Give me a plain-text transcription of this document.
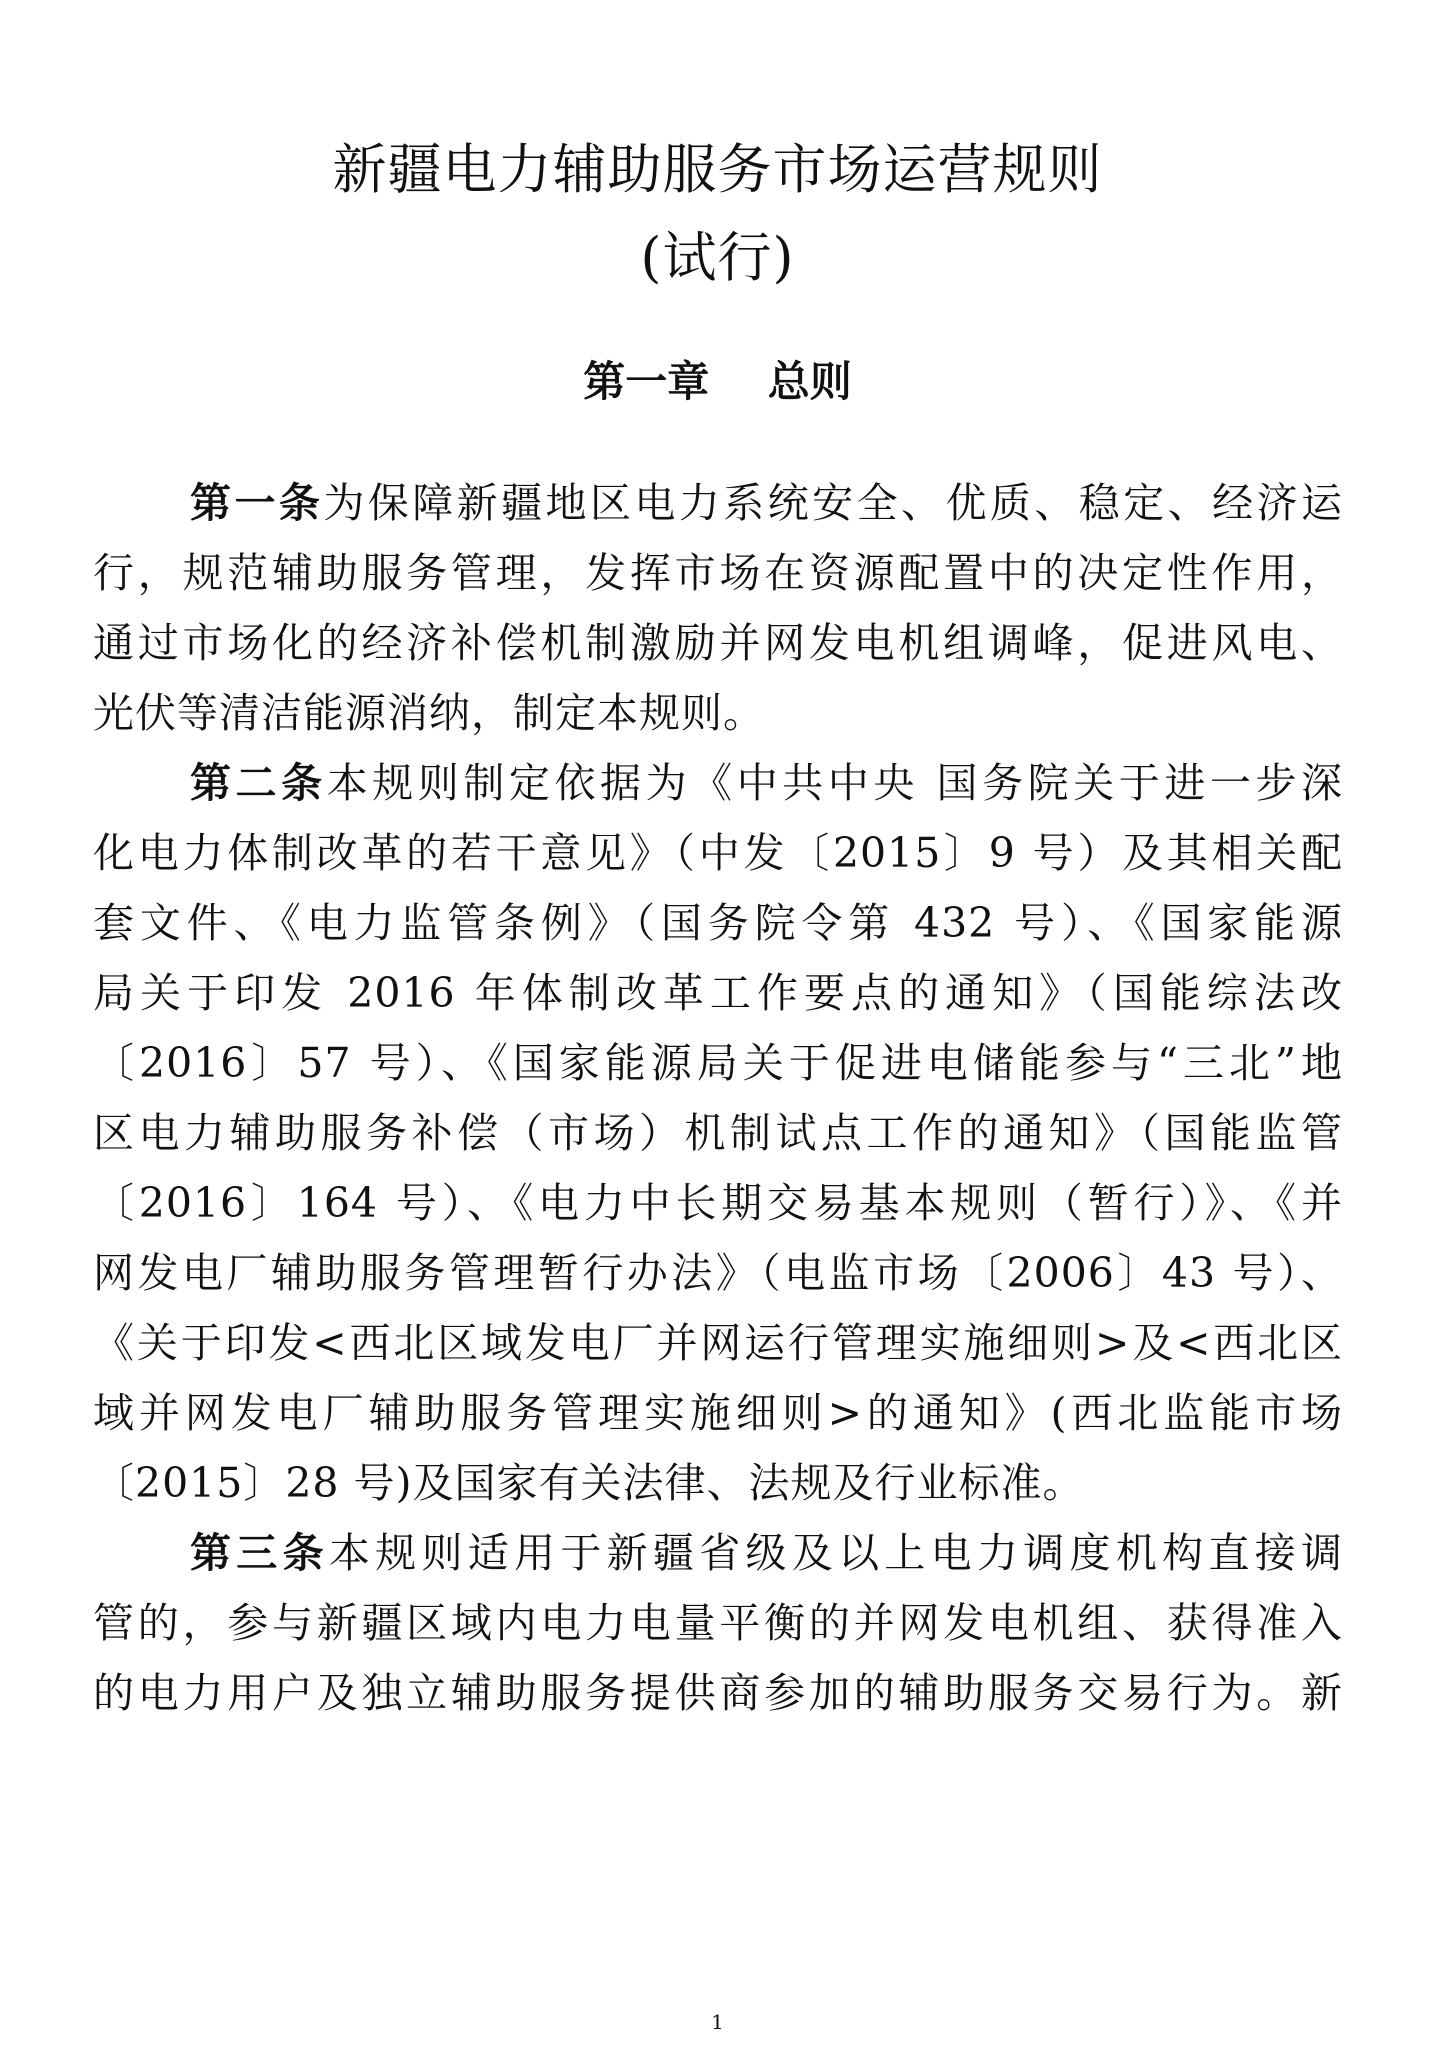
新疆电力辅助服务市场运营规则
(试行)
第一章    总则
第一条为保障新疆地区电力系统安全、优质、稳定、经济运
行，规范辅助服务管理，发挥市场在资源配置中的决定性作用，
通过市场化的经济补偿机制激励并网发电机组调峰，促进风电、
光伏等清洁能源消纳，制定本规则。
第二条本规则制定依据为《中共中央 国务院关于进一步深
化电力体制改革的若干意见》（中发〔2015〕9 号）及其相关配
套文件、《电力监管条例》（国务院令第 432 号）、《国家能源
局关于印发 2016 年体制改革工作要点的通知》（国能综法改
〔2016〕57 号）、《国家能源局关于促进电储能参与“三北”地
区电力辅助服务补偿（市场）机制试点工作的通知》（国能监管
〔2016〕164 号）、《电力中长期交易基本规则（暂行）》、《并
网发电厂辅助服务管理暂行办法》（电监市场〔2006〕43 号）、
《关于印发<西北区域发电厂并网运行管理实施细则>及<西北区
域并网发电厂辅助服务管理实施细则>的通知》(西北监能市场
〔2015〕28 号)及国家有关法律、法规及行业标准。
第三条本规则适用于新疆省级及以上电力调度机构直接调
管的，参与新疆区域内电力电量平衡的并网发电机组、获得准入
的电力用户及独立辅助服务提供商参加的辅助服务交易行为。新
1
